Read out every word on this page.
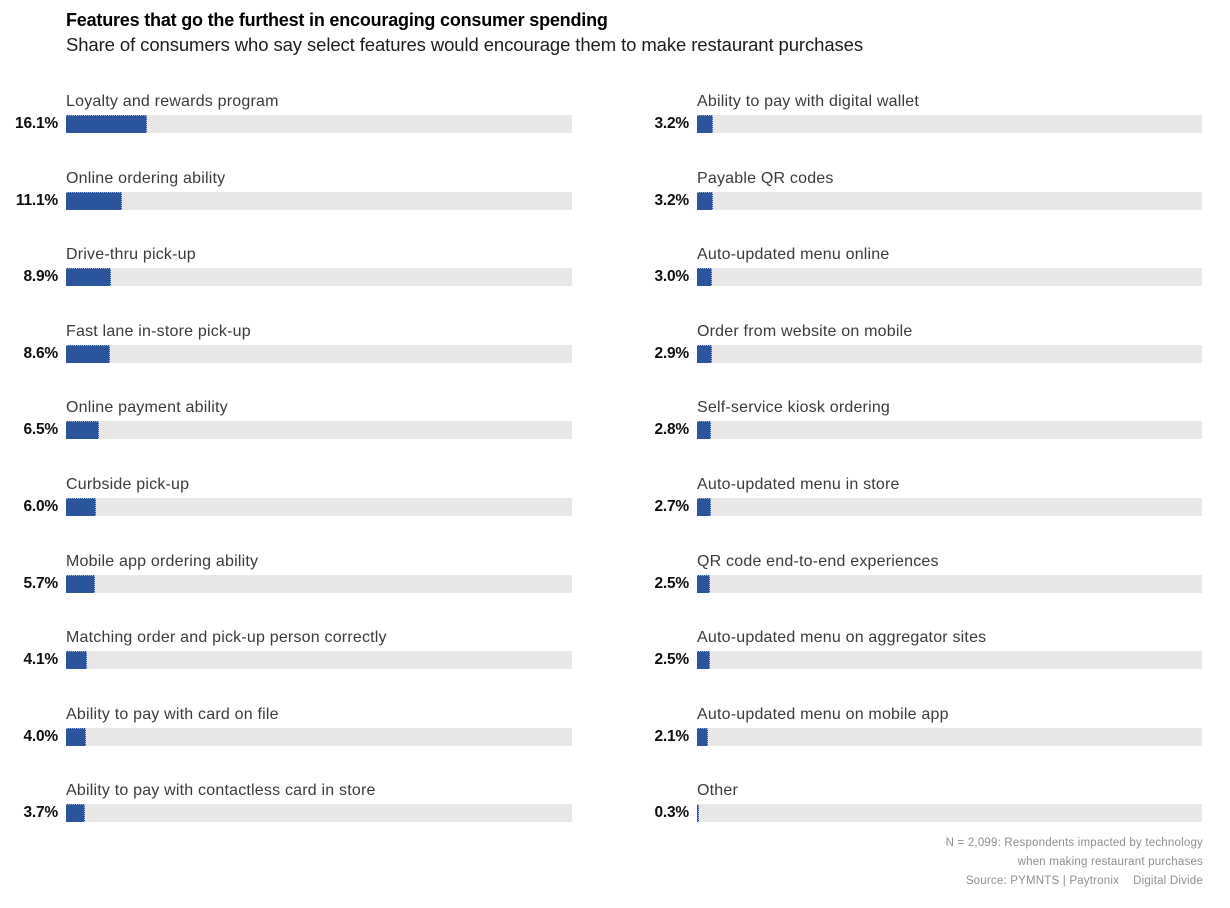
Features that go the furthest in encouraging consumer spending
Share of consumers who say select features would encourage them to make restaurant purchases
Loyalty and rewards program
16.1%
Online ordering ability
11.1%
Drive-thru pick-up
8.9%
Fast lane in-store pick-up
8.6%
Online payment ability
6.5%
Curbside pick-up
6.0%
Mobile app ordering ability
5.7%
Matching order and pick-up person correctly
4.1%
Ability to pay with card on file
4.0%
Ability to pay with contactless card in store
3.7%
Ability to pay with digital wallet
3.2%
Payable QR codes
3.2%
Auto-updated menu online
3.0%
Order from website on mobile
2.9%
Self-service kiosk ordering
2.8%
Auto-updated menu in store
2.7%
QR code end-to-end experiences
2.5%
Auto-updated menu on aggregator sites
2.5%
Auto-updated menu on mobile app
2.1%
Other
0.3%
N = 2,099: Respondents impacted by technology
when making restaurant purchases
Source: PYMNTS | Paytronix Digital Divide
